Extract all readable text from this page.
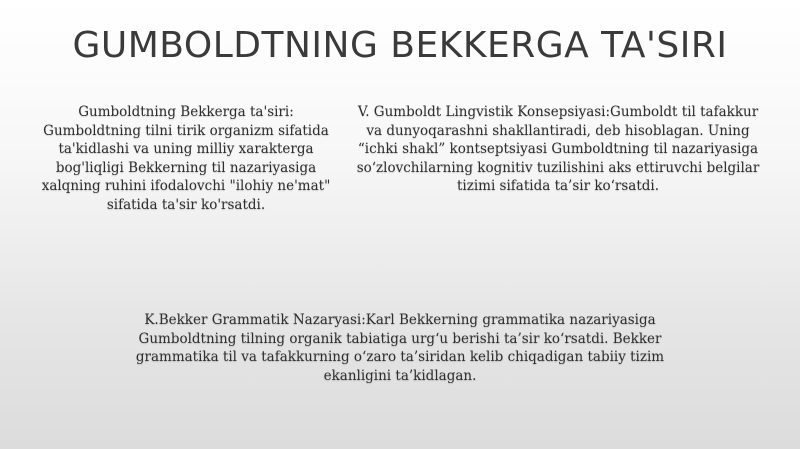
GUMBOLDTNING BEKKERGA TA'SIRI
Gumboldtning Bekkerga ta'siri: Gumboldtning tilni tirik organizm sifatida ta'kidlashi va uning milliy xarakterga bog'liqligi Bekkerning til nazariyasiga xalqning ruhini ifodalovchi "ilohiy ne'mat" sifatida ta'sir ko'rsatdi.
V. Gumboldt Lingvistik Konsepsiyasi:Gumboldt til tafakkur va dunyoqarashni shakllantiradi, deb hisoblagan. Uning “ichki shakl” kontseptsiyasi Gumboldtning til nazariyasiga so‘zlovchilarning kognitiv tuzilishini aks ettiruvchi belgilar tizimi sifatida ta’sir ko‘rsatdi.
K.Bekker Grammatik Nazaryasi:Karl Bekkerning grammatika nazariyasiga Gumboldtning tilning organik tabiatiga urg‘u berishi ta’sir ko‘rsatdi. Bekker grammatika til va tafakkurning o‘zaro ta’siridan kelib chiqadigan tabiiy tizim ekanligini ta’kidlagan.
